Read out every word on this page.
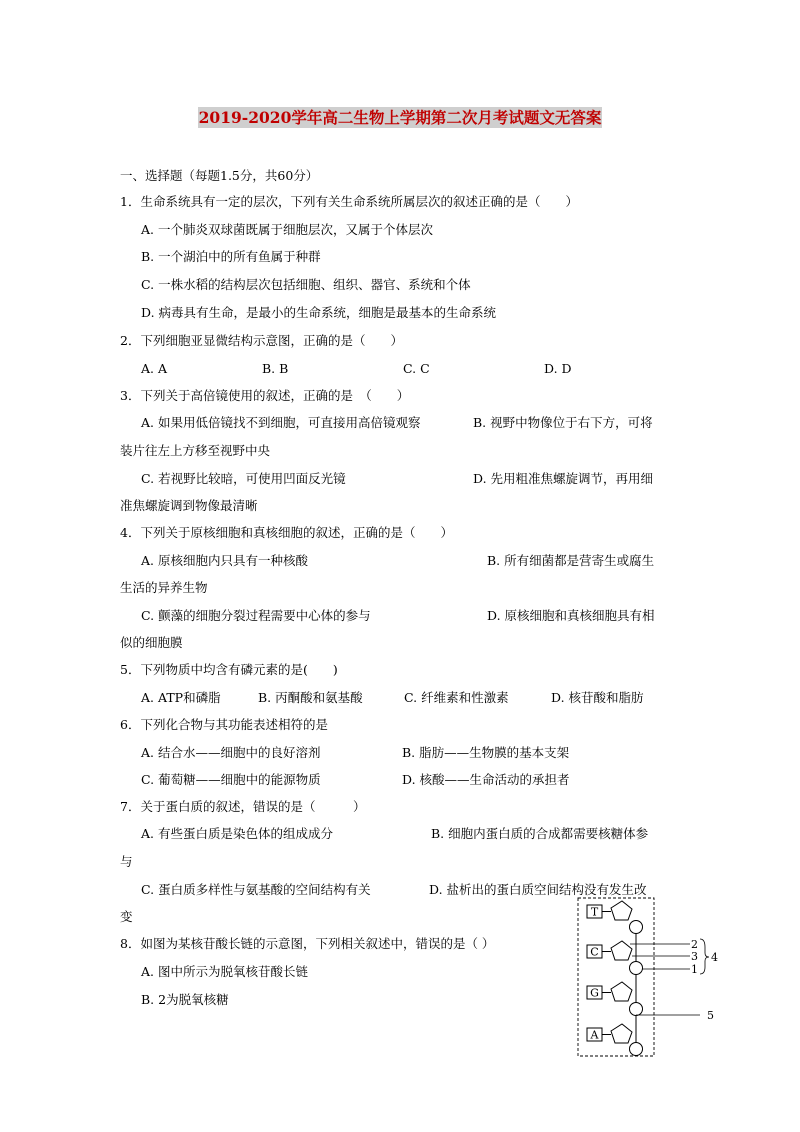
2019-2020学年高二生物上学期第二次月考试题文无答案
一、选择题（每题1.5分，共60分）
1．生命系统具有一定的层次，下列有关生命系统所属层次的叙述正确的是（　　）
A. 一个肺炎双球菌既属于细胞层次，又属于个体层次
B. 一个湖泊中的所有鱼属于种群
C. 一株水稻的结构层次包括细胞、组织、器官、系统和个体
D. 病毒具有生命，是最小的生命系统，细胞是最基本的生命系统
2．下列细胞亚显微结构示意图，正确的是（　　）
A. A	B. B	C. C	D. D
3．下列关于高倍镜使用的叙述，正确的是　（　　）
A. 如果用低倍镜找不到细胞，可直接用高倍镜观察	B. 视野中物像位于右下方，可将
装片往左上方移至视野中央
C. 若视野比较暗，可使用凹面反光镜	D. 先用粗准焦螺旋调节，再用细
准焦螺旋调到物像最清晰
4．下列关于原核细胞和真核细胞的叙述，正确的是（　　）
A. 原核细胞内只具有一种核酸	B. 所有细菌都是营寄生或腐生
生活的异养生物
C. 颤藻的细胞分裂过程需要中心体的参与	D. 原核细胞和真核细胞具有相
似的细胞膜
5．下列物质中均含有磷元素的是(　　)
A. ATP和磷脂	B. 丙酮酸和氨基酸	C. 纤维素和性激素	D. 核苷酸和脂肪
6．下列化合物与其功能表述相符的是
A. 结合水——细胞中的良好溶剂	B. 脂肪——生物膜的基本支架
C. 葡萄糖——细胞中的能源物质	D. 核酸——生命活动的承担者
7．关于蛋白质的叙述，错误的是（　　　）
A. 有些蛋白质是染色体的组成成分	B. 细胞内蛋白质的合成都需要核糖体参
与
C. 蛋白质多样性与氨基酸的空间结构有关	D. 盐析出的蛋白质空间结构没有发生改
变
8．如图为某核苷酸长链的示意图，下列相关叙述中，错误的是（ ）
A. 图中所示为脱氧核苷酸长链
B. 2为脱氧核糖
T
C
G
A
2
3
1
4
5
